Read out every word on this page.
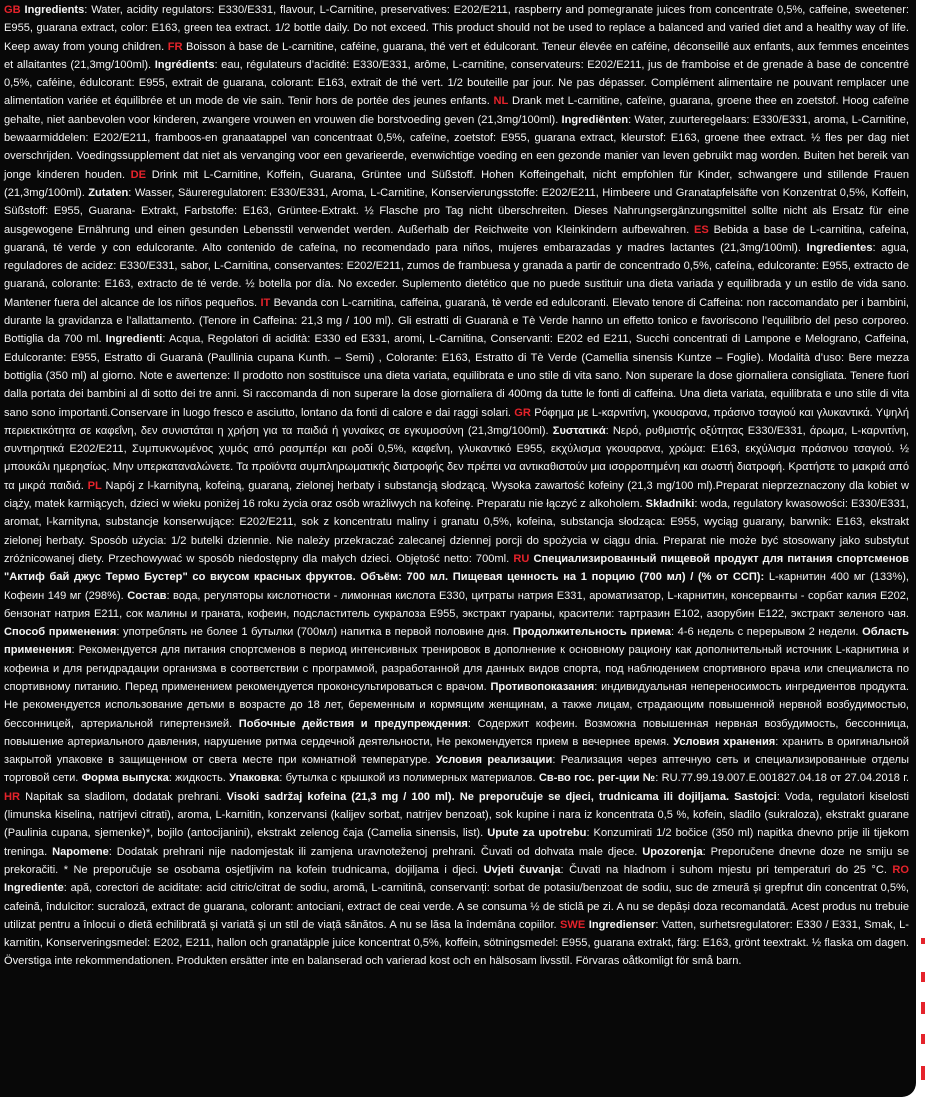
GB Ingredients: Water, acidity regulators: E330/E331, flavour, L-Carnitine, preservatives: E202/E211, raspberry and pomegranate juices from concentrate 0,5%, caffeine, sweetener: E955, guarana extract, color: E163, green tea extract. 1/2 bottle daily. Do not exceed. This product should not be used to replace a balanced and varied diet and a healthy way of life. Keep away from young children. FR Boisson à base de L-carnitine, caféine, guarana, thé vert et édulcorant. Teneur élevée en caféine, déconseillé aux enfants, aux femmes enceintes et allaitantes (21,3mg/100ml). Ingrédients: eau, régulateurs d’acidité: E330/E331, arôme, L-carnitine, conservateurs: E202/E211, jus de framboise et de grenade à base de concentré 0,5%, caféine, édulcorant: E955, extrait de guarana, colorant: E163, extrait de thé vert. 1/2 bouteille par jour. Ne pas dépasser. Complément alimentaire ne pouvant remplacer une alimentation variée et équilibrée et un mode de vie sain. Tenir hors de portée des jeunes enfants. NL Drank met L-carnitine, cafeïne, guarana, groene thee en zoetstof. Hoog cafeïne gehalte, niet aanbevolen voor kinderen, zwangere vrouwen en vrouwen die borstvoeding geven (21,3mg/100ml). Ingrediënten: Water, zuurteregelaars: E330/E331, aroma, L-Carnitine, bewaarmiddelen: E202/E211, framboos-en granaatappel van concentraat 0,5%, cafeïne, zoetstof: E955, guarana extract, kleurstof: E163, groene thee extract. ½ fles per dag niet overschrijden. Voedingssupplement dat niet als vervanging voor een gevarieerde, evenwichtige voeding en een gezonde manier van leven gebruikt mag worden. Buiten het bereik van jonge kinderen houden. DE Drink mit L-Carnitine, Koffein, Guarana, Grüntee und Süßstoff. Hohen Koffeingehalt, nicht empfohlen für Kinder, schwangere und stillende Frauen (21,3mg/100ml). Zutaten: Wasser, Säureregulatoren: E330/E331, Aroma, L-Carnitine, Konservierungsstoffe: E202/E211, Himbeere und Granatapfelsäfte von Konzentrat 0,5%, Koffein, Süßstoff: E955, Guarana- Extrakt, Farbstoffe: E163, Grüntee-Extrakt. ½ Flasche pro Tag nicht überschreiten. Dieses Nahrungsergänzungsmittel sollte nicht als Ersatz für eine ausgewogene Ernährung und einen gesunden Lebensstil verwendet werden. Außerhalb der Reichweite von Kleinkindern aufbewahren. ES Bebida a base de L-carnitina, cafeína, guaraná, té verde y con edulcorante. Alto contenido de cafeína, no recomendado para niños, mujeres embarazadas y madres lactantes (21,3mg/100ml). Ingredientes: agua, reguladores de acidez: E330/E331, sabor, L-Carnitina, conservantes: E202/E211, zumos de frambuesa y granada a partir de concentrado 0,5%, cafeína, edulcorante: E955, extracto de guaraná, colorante: E163, extracto de té verde. ½ botella por día. No exceder. Suplemento dietético que no puede sustituir una dieta variada y equilibrada y un estilo de vida sano. Mantener fuera del alcance de los niños pequeños. IT Bevanda con L-carnitina, caffeina, guaranà, tè verde ed edulcoranti. Elevato tenore di Caffeina: non raccomandato per i bambini, durante la gravidanza e l’allattamento. (Tenore in Caffeina: 21,3 mg / 100 ml). Gli estratti di Guaranà e Tè Verde hanno un effetto tonico e favoriscono l’equilibrio del peso corporeo. Bottiglia da 700 ml. Ingredienti: Acqua, Regolatori di acidità: E330 ed E331, aromi, L-Carnitina, Conservanti: E202 ed E211, Succhi concentrati di Lampone e Melograno, Caffeina, Edulcorante: E955, Estratto di Guaranà (Paullinia cupana Kunth. – Semi) , Colorante: E163, Estratto di Tè Verde (Camellia sinensis Kuntze – Foglie). Modalità d’uso: Bere mezza bottiglia (350 ml) al giorno. Note e awertenze: Il prodotto non sostituisce una dieta variata, equilibrata e uno stile di vita sano. Non superare la dose giornaliera consigliata. Tenere fuori dalla portata dei bambini al di sotto dei tre anni. Si raccomanda di non superare la dose giornaliera di 400mg da tutte le fonti di caffeina. Una dieta variata, equilibrata e uno stile di vita sano sono importanti.Conservare in luogo fresco e asciutto, lontano da fonti di calore e dai raggi solari. GR Ρόφημα με L-καρνιτίνη, γκουαρανα, πράσινο τσαγιού και γλυκαντικά. Υψηλή περιεκτικότητα σε καφεΐνη, δεν συνιστάται η χρήση για τα παιδιά ή γυναίκες σε εγκυμοσύνη (21,3mg/100ml). Συστατικά: Νερό, ρυθμιστής οξύτητας E330/E331, άρωμα, L-καρνιτίνη, συντηρητικά E202/E211, Συμπυκνωμένος χυμός από ρασμπέρι και ροδί 0,5%, καφεΐνη, γλυκαντικό E955, εκχύλισμα γκουαρανα, χρώμα: E163, εκχύλισμα πράσινου τσαγιού. ½ μπουκάλι ημερησίως. Μην υπερκαταναλώνετε. Τα προϊόντα συμπληρωματικής διατροφής δεν πρέπει να αντικαθιστούν μια ισορροπημένη και σωστή διατροφή. Κρατήστε το μακριά από τα μικρά παιδιά. PL Napój z l-karnityną, kofeiną, guaraną, zielonej herbaty i substancją słodzącą. Wysoka zawartość kofeiny (21,3 mg/100 ml).Preparat nieprzeznaczony dla kobiet w ciąży, matek karmiących, dzieci w wieku poniżej 16 roku życia oraz osób wrażliwych na kofeinę. Preparatu nie łączyć z alkoholem. Składniki: woda, regulatory kwasowości: E330/E331, aromat, l-karnityna, substancje konserwujące: E202/E211, sok z koncentratu maliny i granatu 0,5%, kofeina, substancja słodząca: E955, wyciąg guarany, barwnik: E163, ekstrakt zielonej herbaty. Sposób użycia: 1/2 butelki dziennie. Nie należy przekraczać zalecanej dziennej porcji do spożycia w ciągu dnia. Preparat nie może być stosowany jako substytut zróżnicowanej diety. Przechowywać w sposób niedostępny dla małych dzieci. Objętość netto: 700ml. RU Специализированный пищевой продукт для питания спортсменов "Актиф бай джус Термо Бустер" со вкусом красных фруктов. Объём: 700 мл. Пищевая ценность на 1 порцию (700 мл) / (% от ССП): L-карнитин 400 мг (133%), Кофеин 149 мг (298%). Состав: вода, регуляторы кислотности - лимонная кислота E330, цитраты натрия E331, ароматизатор, L-карнитин, консерванты - сорбат калия E202, бензонат натрия E211, сок малины и граната, кофеин, подсластитель сукралоза E955, экстракт гуараны, красители: тартразин E102, азорубин E122, экстракт зеленого чая. Способ применения: употреблять не более 1 бутылки (700мл) напитка в первой половине дня. Продолжительность приема: 4-6 недель с перерывом 2 недели. Область применения: Рекомендуется для питания спортсменов в период интенсивных тренировок в дополнение к основному рациону как дополнительный источник L-карнитина и кофеина и для регидрадации организма в соответствии с программой, разработанной для данных видов спорта, под наблюдением спортивного врача или специалиста по спортивному питанию. Перед применением рекомендуется проконсультироваться с врачом. Противопоказания: индивидуальная непереносимость ингредиентов продукта. Не рекомендуется использование детьми в возрасте до 18 лет, беременным и кормящим женщинам, а также лицам, страдающим повышенной нервной возбудимостью, бессонницей, артериальной гипертензией. Побочные действия и предупреждения: Содержит кофеин. Возможна повышенная нервная возбудимость, бессонница, повышение артериального давления, нарушение ритма сердечной деятельности, Не рекомендуется прием в вечернее время. Условия хранения: хранить в оригинальной закрытой упаковке в защищенном от света месте при комнатной температуре. Условия реализации: Реализация через аптечную сеть и специализированные отделы торговой сети. Форма выпуска: жидкость. Упаковка: бутылка с крышкой из полимерных материалов. Св-во гос. рег-ции №: RU.77.99.19.007.E.001827.04.18 от 27.04.2018 г. HR Napitak sa sladilom, dodatak prehrani. Visoki sadržaj kofeina (21,3 mg / 100 ml). Ne preporučuje se djeci, trudnicama ili dojiljama. Sastojci: Voda, regulatori kiselosti (limunska kiselina, natrijevi citrati), aroma, L-karnitin, konzervansi (kalijev sorbat, natrijev benzoat), sok kupine i nara iz koncentrata 0,5 %, kofein, sladilo (sukraloza), ekstrakt guarane (Paulinia cupana, sjemenke)*, bojilo (antocijanini), ekstrakt zelenog čaja (Camelia sinensis, list). Upute za upotrebu: Konzumirati 1/2 bočice (350 ml) napitka dnevno prije ili tijekom treninga. Napomene: Dodatak prehrani nije nadomjestak ili zamjena uravnoteženoj prehrani. Čuvati od dohvata male djece. Upozorenja: Preporučene dnevne doze ne smiju se prekoračiti. * Ne preporučuje se osobama osjetljivim na kofein trudnicama, dojiljama i djeci. Uvjeti čuvanja: Čuvati na hladnom i suhom mjestu pri temperaturi do 25 °C. RO Ingrediente: apă, corectori de aciditate: acid citric/citrat de sodiu, aromă, L-carnitină, conservanți: sorbat de potasiu/benzoat de sodiu, suc de zmeură și grepfrut din concentrat 0,5%, cafeină, îndulcitor: sucraloză, extract de guarana, colorant: antociani, extract de ceai verde. A se consuma ½ de sticlă pe zi. A nu se depăși doza recomandată. Acest produs nu trebuie utilizat pentru a înlocui o dietă echilibrată și variată și un stil de viață sănătos. A nu se lăsa la îndemâna copiilor. SWE Ingredienser: Vatten, surhetsregulatorer: E330 / E331, Smak, L-karnitin, Konserveringsmedel: E202, E211, hallon och granatäpple juice koncentrat 0,5%, koffein, sötningsmedel: E955, guarana extrakt, färg: E163, grönt teextrakt. ½ flaska om dagen. Överstiga inte rekommendationen. Produkten ersätter inte en balanserad och varierad kost och en hälsosam livsstil. Förvaras oåtkomligt för små barn.
